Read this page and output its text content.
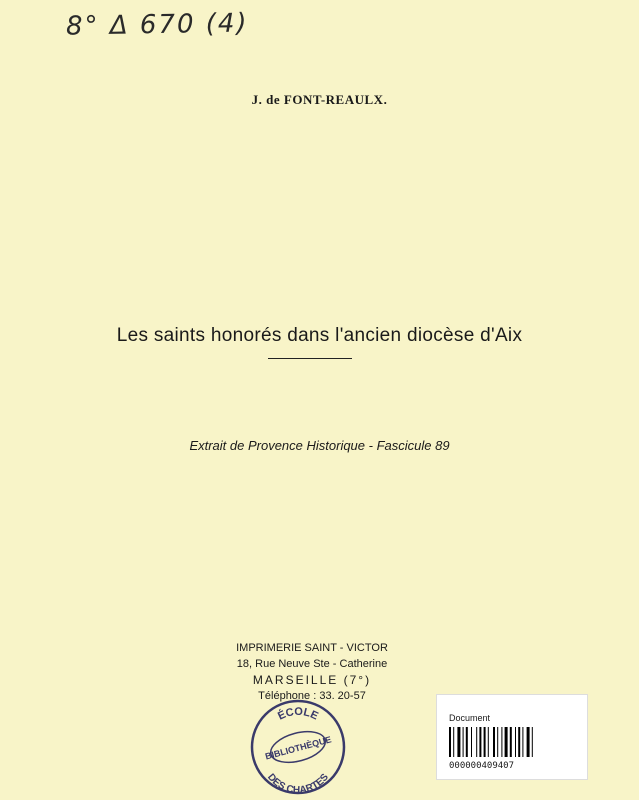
8° Δ 670 (4)
J. de FONT-REAULX.
Les saints honorés dans l'ancien diocèse d'Aix
Extrait de Provence Historique - Fascicule 89
IMPRIMERIE SAINT - VICTOR
18, Rue Neuve Ste - Catherine
MARSEILLE (7°)
Téléphone : 33. 20-57
ÉCOLE
BIBLIOTHÈQUE
DES CHARTES
Document
000000409407
